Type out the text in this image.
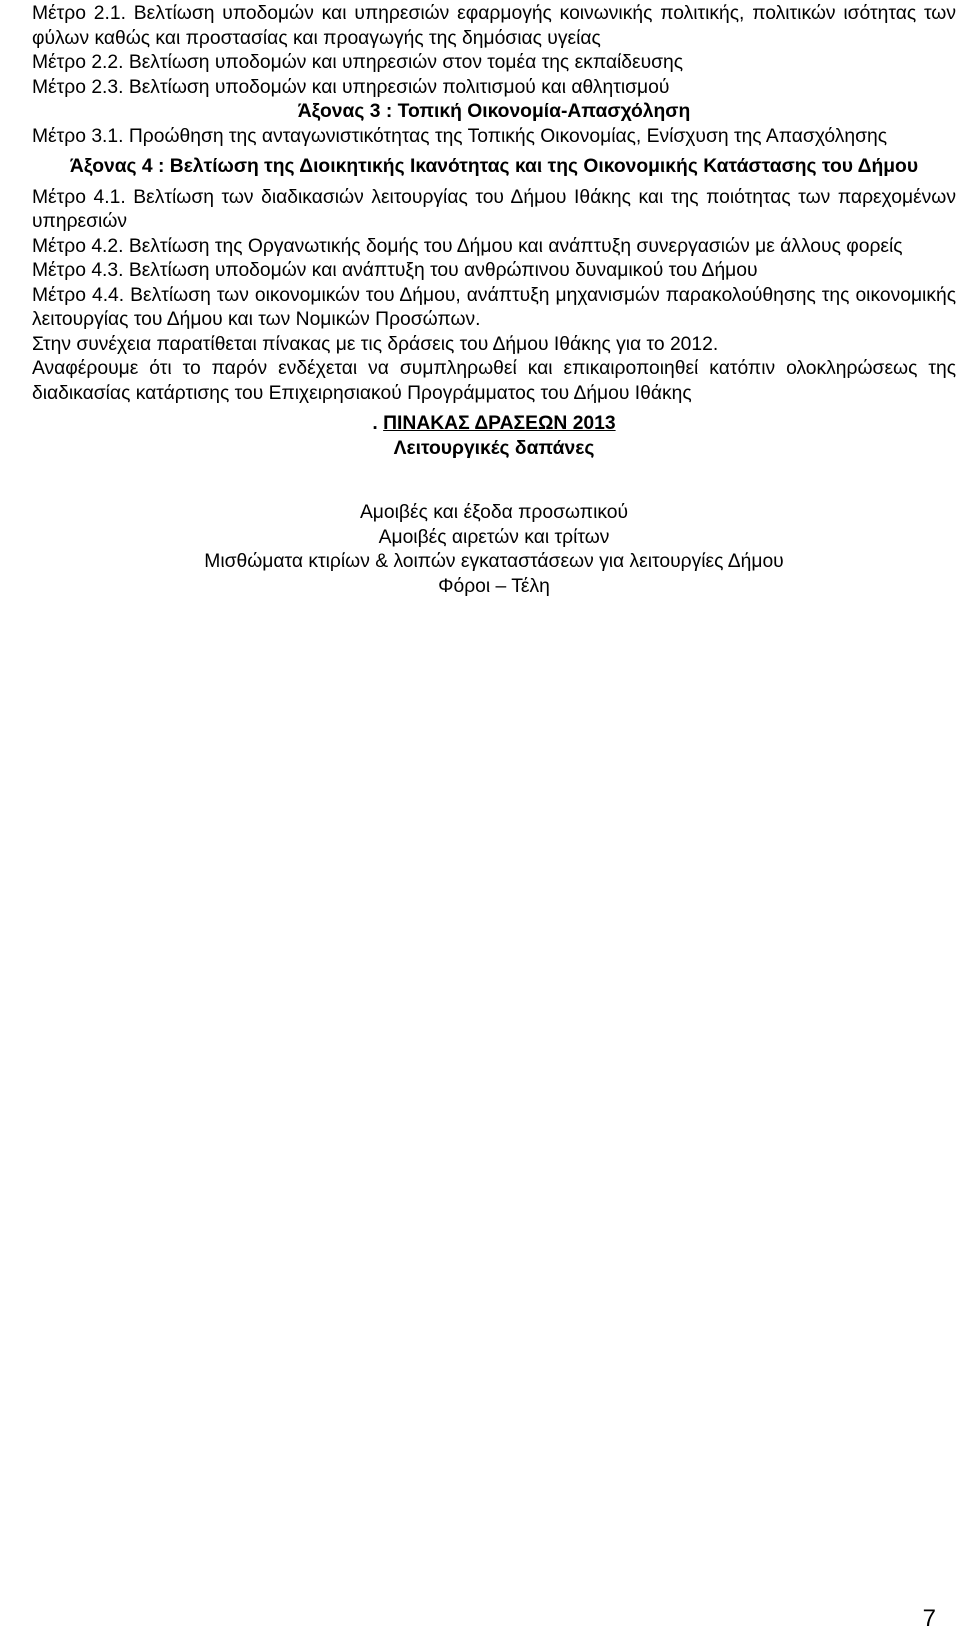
Μέτρο 2.1. Βελτίωση υποδομών και υπηρεσιών εφαρμογής κοινωνικής πολιτικής, πολιτικών ισότητας των φύλων καθώς και προστασίας και προαγωγής της δημόσιας υγείας

Μέτρο 2.2. Βελτίωση υποδομών και υπηρεσιών στον τομέα της εκπαίδευσης

Μέτρο 2.3. Βελτίωση υποδομών και υπηρεσιών πολιτισμού και αθλητισμού

Άξονας 3 : Τοπική Οικονομία-Απασχόληση

Μέτρο 3.1. Προώθηση της ανταγωνιστικότητας της Τοπικής Οικονομίας, Ενίσχυση της Απασχόλησης

Άξονας 4 : Βελτίωση της Διοικητικής Ικανότητας και της Οικονομικής Κατάστασης του Δήμου

Μέτρο 4.1. Βελτίωση των διαδικασιών λειτουργίας του Δήμου Ιθάκης και της ποιότητας των παρεχομένων υπηρεσιών

Μέτρο 4.2. Βελτίωση της Οργανωτικής δομής του Δήμου και ανάπτυξη συνεργασιών με άλλους φορείς

Μέτρο 4.3. Βελτίωση υποδομών και ανάπτυξη του ανθρώπινου δυναμικού του Δήμου

Μέτρο 4.4. Βελτίωση των οικονομικών του Δήμου, ανάπτυξη μηχανισμών παρακολούθησης της οικονομικής λειτουργίας του Δήμου και των Νομικών Προσώπων.

Στην συνέχεια παρατίθεται πίνακας με τις δράσεις του Δήμου Ιθάκης για το 2012.

Αναφέρουμε ότι το παρόν ενδέχεται να συμπληρωθεί και επικαιροποιηθεί κατόπιν ολοκληρώσεως της διαδικασίας κατάρτισης του Επιχειρησιακού Προγράμματος του Δήμου Ιθάκης

. ΠΙΝΑΚΑΣ ΔΡΑΣΕΩΝ 2013

Λειτουργικές δαπάνες

Αμοιβές και έξοδα προσωπικού

Αμοιβές αιρετών και τρίτων

Μισθώματα κτιρίων & λοιπών εγκαταστάσεων για λειτουργίες Δήμου

Φόροι – Τέλη

7
